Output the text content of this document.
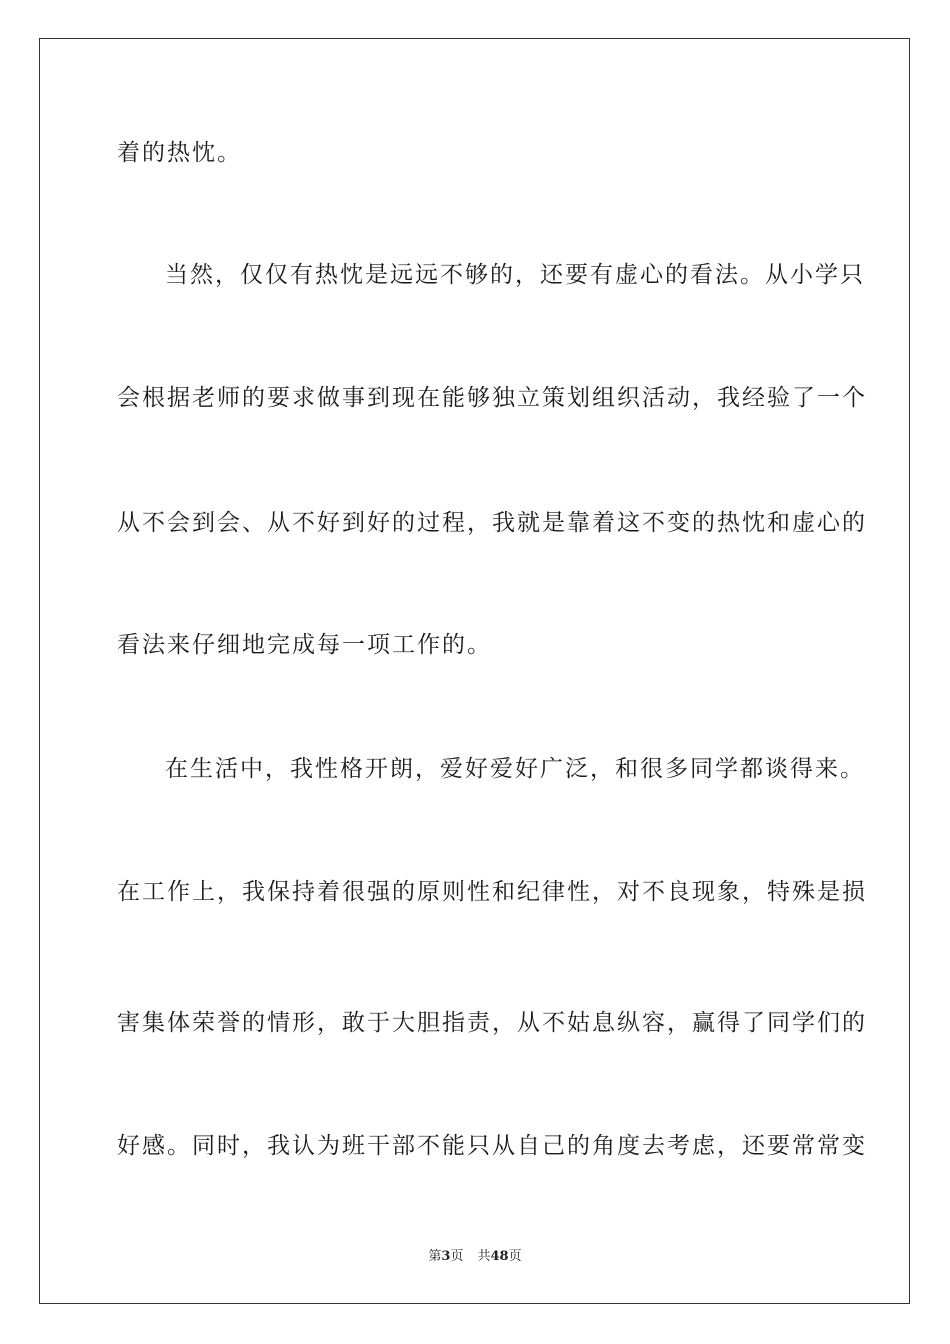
着的热忱。
当然，仅仅有热忱是远远不够的，还要有虚心的看法。从小学只
会根据老师的要求做事到现在能够独立策划组织活动，我经验了一个
从不会到会、从不好到好的过程，我就是靠着这不变的热忱和虚心的
看法来仔细地完成每一项工作的。
在生活中，我性格开朗，爱好爱好广泛，和很多同学都谈得来。
在工作上，我保持着很强的原则性和纪律性，对不良现象，特殊是损
害集体荣誉的情形，敢于大胆指责，从不姑息纵容，赢得了同学们的
好感。同时，我认为班干部不能只从自己的角度去考虑，还要常常变
第3页 共48页
